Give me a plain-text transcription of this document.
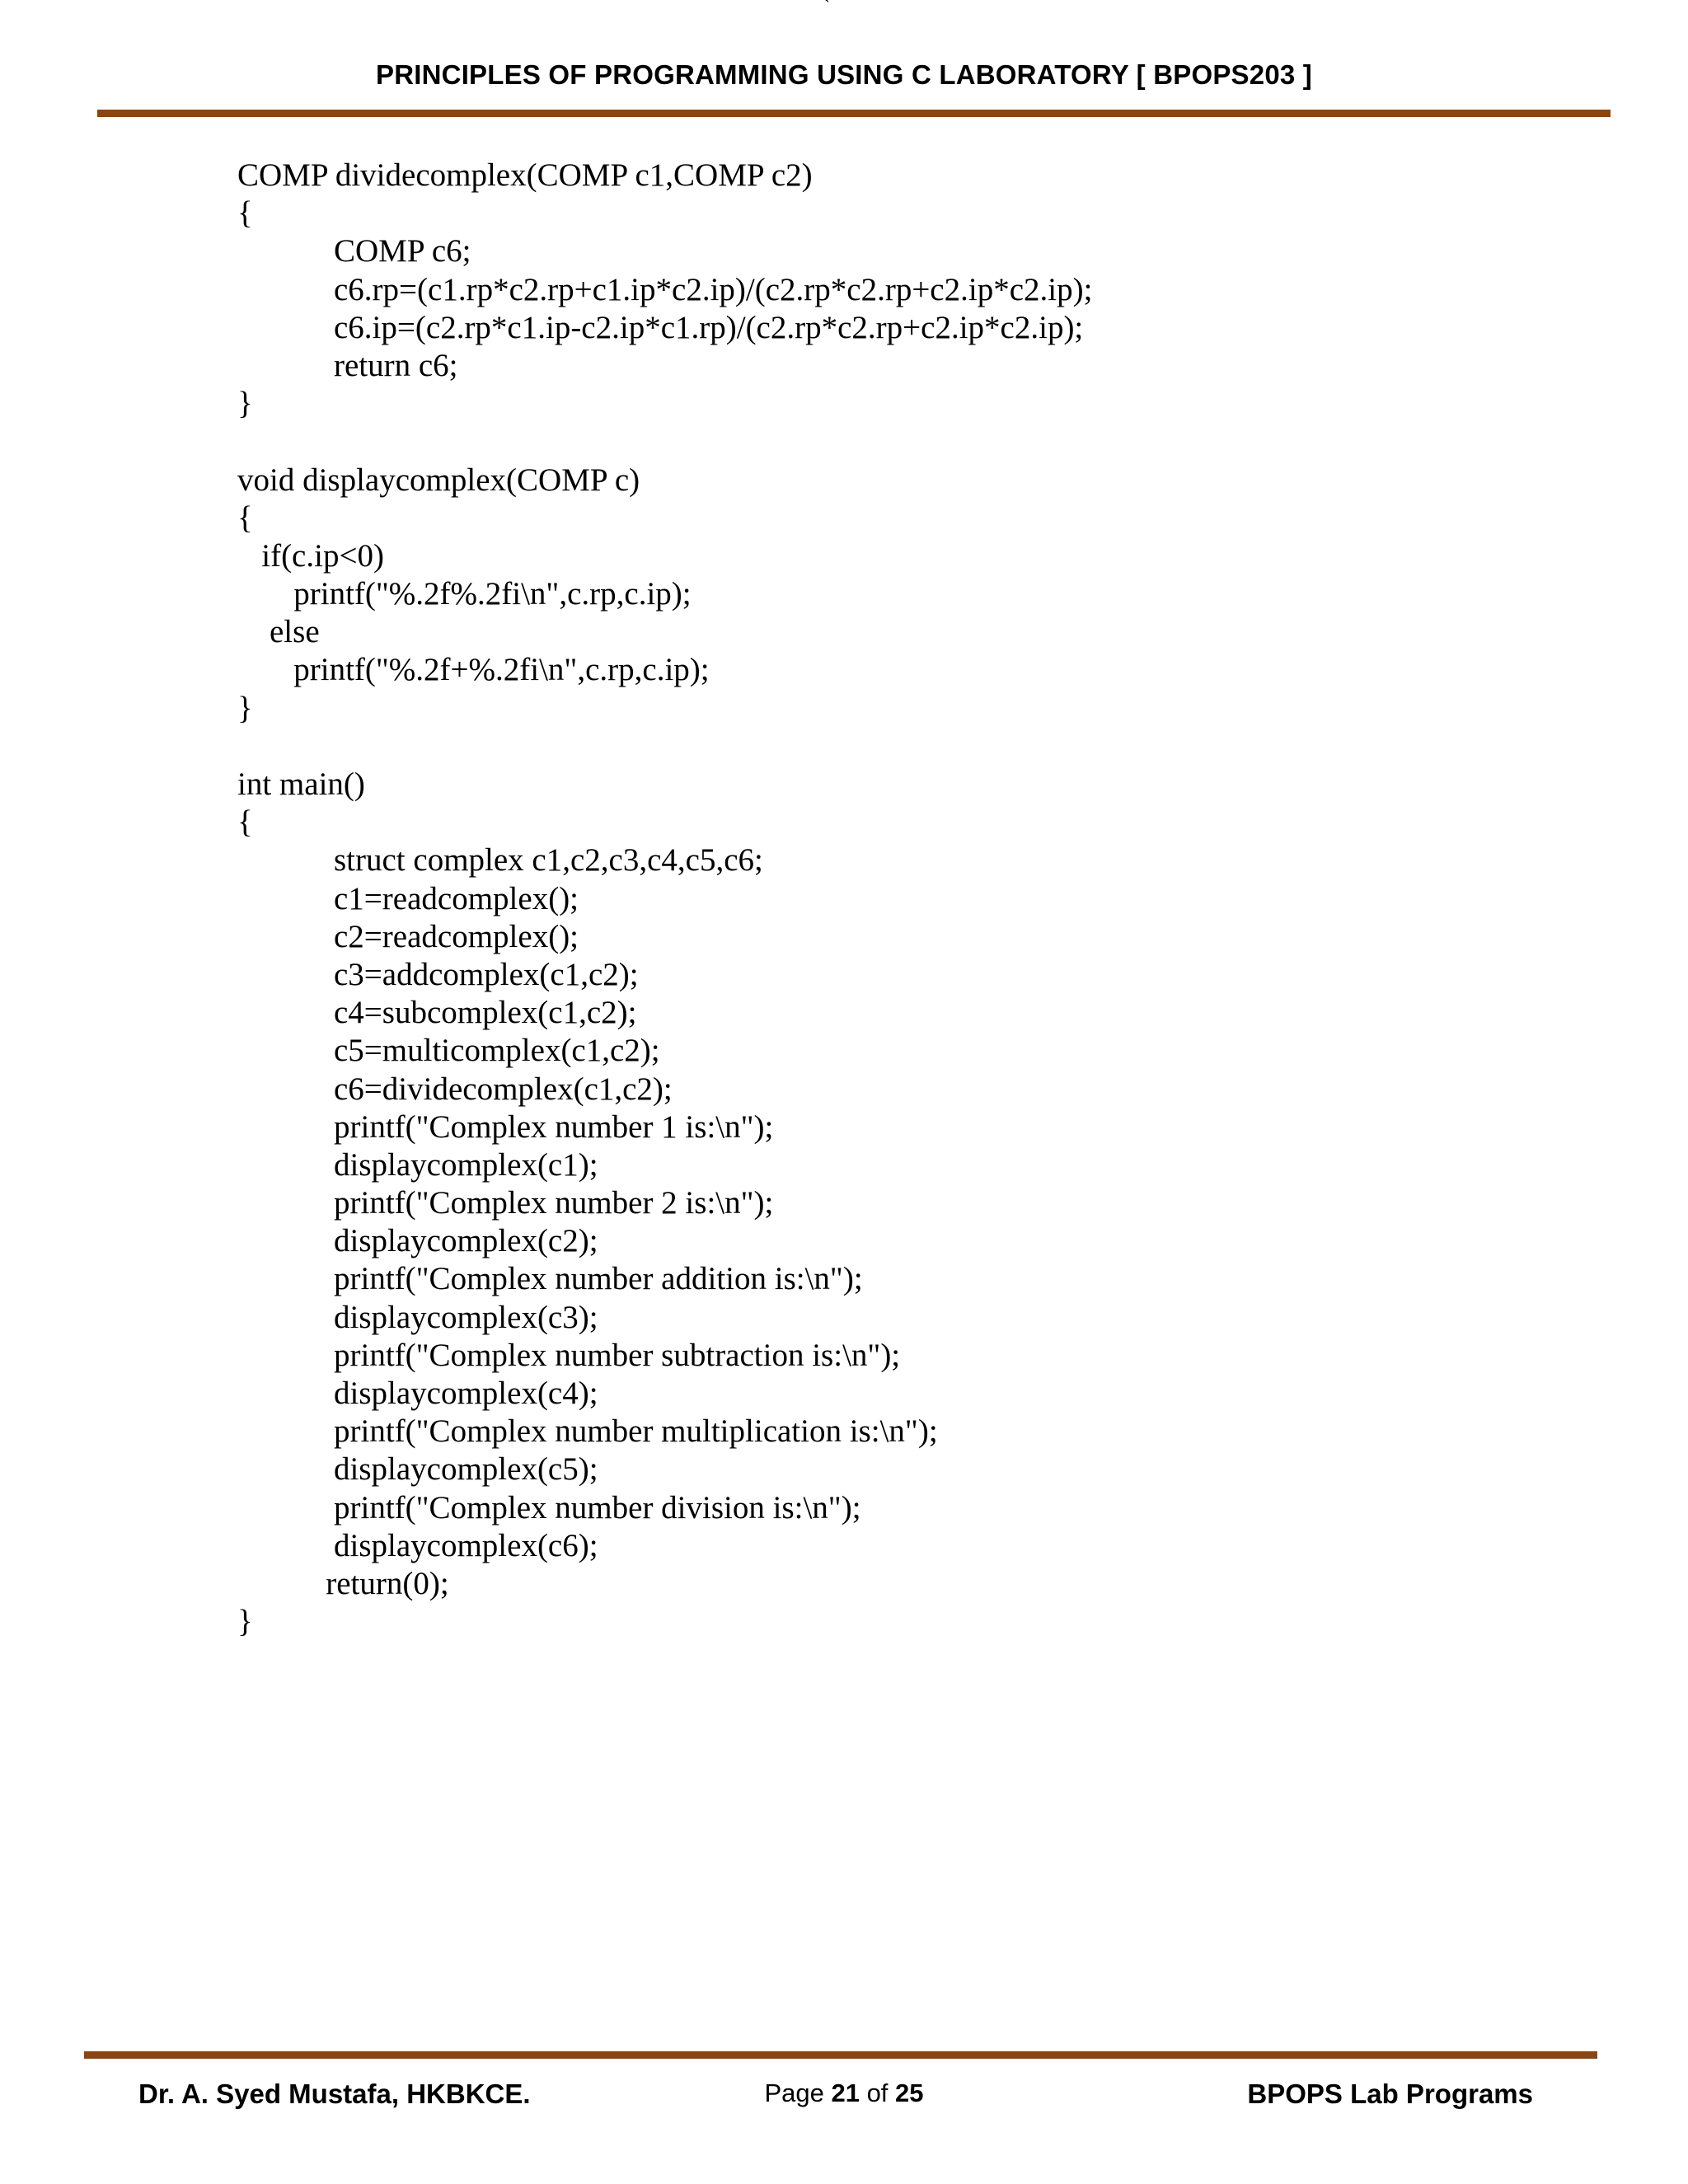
`
PRINCIPLES OF PROGRAMMING USING C LABORATORY [ BPOPS203 ]
COMP dividecomplex(COMP c1,COMP c2)
{
COMP c6;
c6.rp=(c1.rp*c2.rp+c1.ip*c2.ip)/(c2.rp*c2.rp+c2.ip*c2.ip);
c6.ip=(c2.rp*c1.ip-c2.ip*c1.rp)/(c2.rp*c2.rp+c2.ip*c2.ip);
return c6;
}
void displaycomplex(COMP c)
{
if(c.ip<0)
printf("%.2f%.2fi\n",c.rp,c.ip);
else
printf("%.2f+%.2fi\n",c.rp,c.ip);
}
int main()
{
struct complex c1,c2,c3,c4,c5,c6;
c1=readcomplex();
c2=readcomplex();
c3=addcomplex(c1,c2);
c4=subcomplex(c1,c2);
c5=multicomplex(c1,c2);
c6=dividecomplex(c1,c2);
printf("Complex number 1 is:\n");
displaycomplex(c1);
printf("Complex number 2 is:\n");
displaycomplex(c2);
printf("Complex number addition is:\n");
displaycomplex(c3);
printf("Complex number subtraction is:\n");
displaycomplex(c4);
printf("Complex number multiplication is:\n");
displaycomplex(c5);
printf("Complex number division is:\n");
displaycomplex(c6);
return(0);
}
Dr. A. Syed Mustafa, HKBKCE.	Page 21 of 25	BPOPS Lab Programs
